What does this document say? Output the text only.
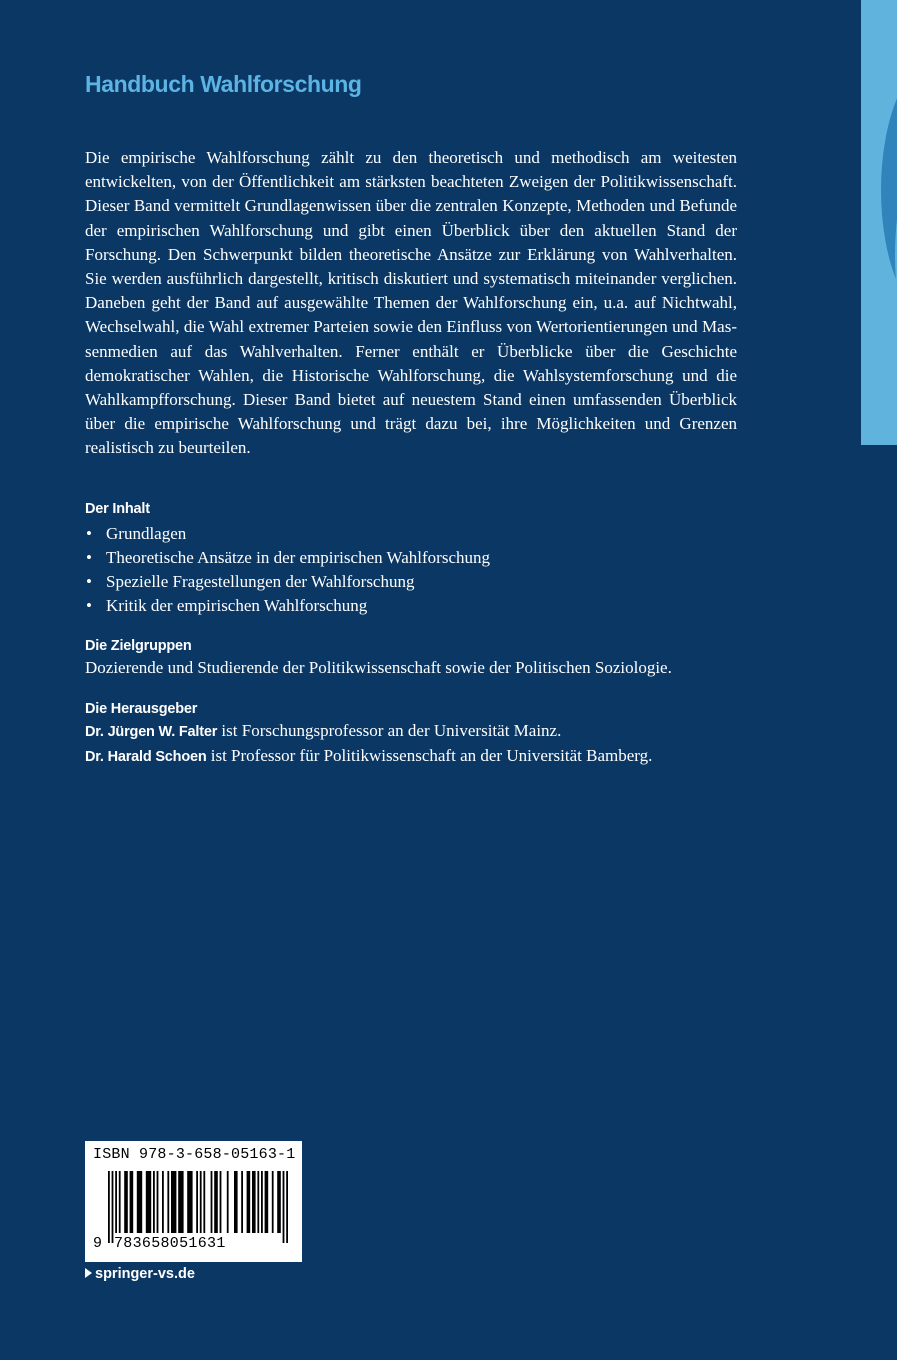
Handbuch Wahlforschung
Die empirische Wahlforschung zählt zu den theoretisch und methodisch am weitesten entwickelten, von der Öffentlichkeit am stärksten beachteten Zweigen der Politikwissenschaft. Dieser Band vermittelt Grundlagenwissen über die zentralen Konzepte, Methoden und Befunde der empirischen Wahlforschung und gibt einen Überblick über den aktuellen Stand der Forschung. Den Schwerpunkt bilden theoretische Ansätze zur Erklärung von Wahlverhalten. Sie werden ausführlich dargestellt, kritisch diskutiert und systematisch miteinander verglichen. Daneben geht der Band auf ausgewählte Themen der Wahlforschung ein, u.a. auf Nichtwahl, Wechselwahl, die Wahl extremer Parteien sowie den Einfluss von Wertorientierungen und Massenmedien auf das Wahlverhalten. Ferner enthält er Überblicke über die Geschichte demokratischer Wahlen, die Historische Wahlforschung, die Wahlsystemforschung und die Wahlkampfforschung. Dieser Band bietet auf neuestem Stand einen umfassenden Überblick über die empirische Wahlforschung und trägt dazu bei, ihre Möglichkeiten und Grenzen realistisch zu beurteilen.
Der Inhalt
• Grundlagen
• Theoretische Ansätze in der empirischen Wahlforschung
• Spezielle Fragestellungen der Wahlforschung
• Kritik der empirischen Wahlforschung
Die Zielgruppen
Dozierende und Studierende der Politikwissenschaft sowie der Politischen Soziologie.
Die Herausgeber
Dr. Jürgen W. Falter ist Forschungsprofessor an der Universität Mainz.
Dr. Harald Schoen ist Professor für Politikwissenschaft an der Universität Bamberg.
ISBN 978-3-658-05163-1
9 783658051631
springer-vs.de
